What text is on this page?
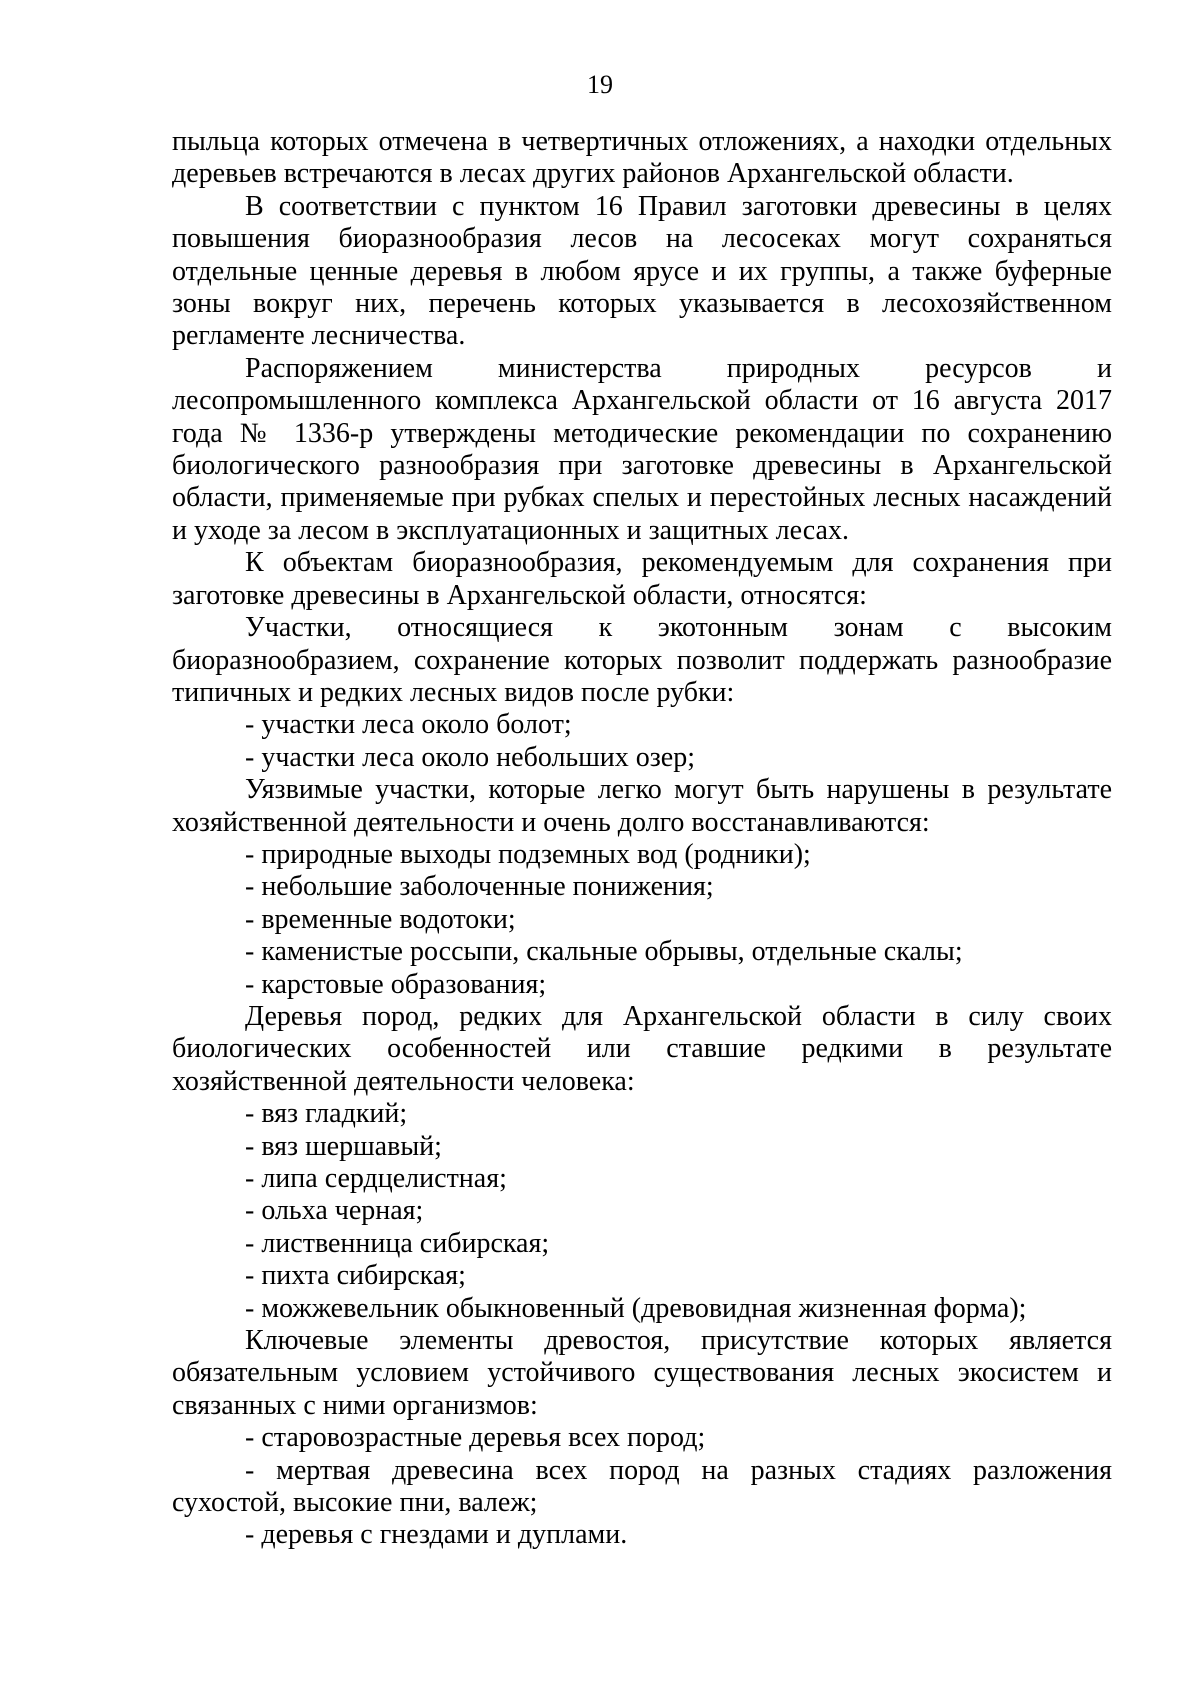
19

пыльца которых отмечена в четвертичных отложениях, а находки отдельных деревьев встречаются в лесах других районов Архангельской области.

В соответствии с пунктом 16 Правил заготовки древесины в целях повышения биоразнообразия лесов на лесосеках могут сохраняться отдельные ценные деревья в любом ярусе и их группы, а также буферные зоны вокруг них, перечень которых указывается в лесохозяйственном регламенте лесничества.

Распоряжением министерства природных ресурсов и лесопромышленного комплекса Архангельской области от 16 августа 2017 года № 1336-р утверждены методические рекомендации по сохранению биологического разнообразия при заготовке древесины в Архангельской области, применяемые при рубках спелых и перестойных лесных насаждений и уходе за лесом в эксплуатационных и защитных лесах.

К объектам биоразнообразия, рекомендуемым для сохранения при заготовке древесины в Архангельской области, относятся:

Участки, относящиеся к экотонным зонам с высоким биоразнообразием, сохранение которых позволит поддержать разнообразие типичных и редких лесных видов после рубки:

- участки леса около болот;

- участки леса около небольших озер;

Уязвимые участки, которые легко могут быть нарушены в результате хозяйственной деятельности и очень долго восстанавливаются:

- природные выходы подземных вод (родники);

- небольшие заболоченные понижения;

- временные водотоки;

- каменистые россыпи, скальные обрывы, отдельные скалы;

- карстовые образования;

Деревья пород, редких для Архангельской области в силу своих биологических особенностей или ставшие редкими в результате хозяйственной деятельности человека:

- вяз гладкий;

- вяз шершавый;

- липа сердцелистная;

- ольха черная;

- лиственница сибирская;

- пихта сибирская;

- можжевельник обыкновенный (древовидная жизненная форма);

Ключевые элементы древостоя, присутствие которых является обязательным условием устойчивого существования лесных экосистем и связанных с ними организмов:

- старовозрастные деревья всех пород;

- мертвая древесина всех пород на разных стадиях разложения сухостой, высокие пни, валеж;

- деревья с гнездами и дуплами.
